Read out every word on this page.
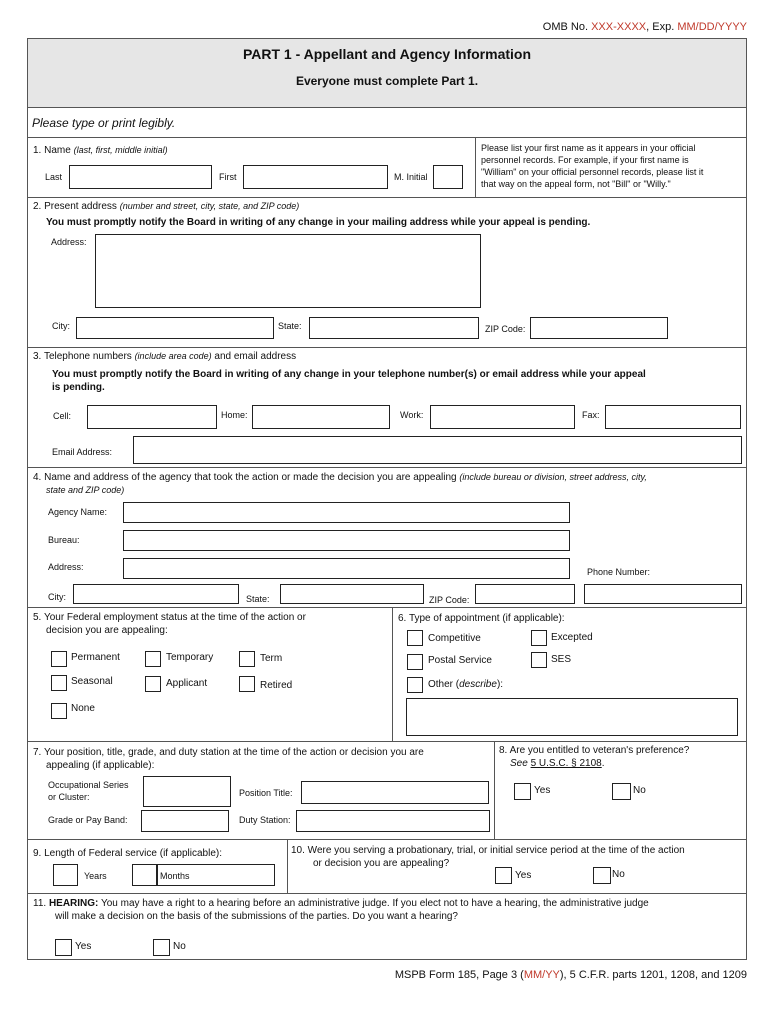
OMB No. XXX-XXXX, Exp. MM/DD/YYYY
PART 1 - Appellant and Agency Information
Everyone must complete Part 1.
Please type or print legibly.
1. Name (last, first, middle initial)
Last	First	M. Initial
Please list your first name as it appears in your official
personnel records. For example, if your first name is
"William" on your official personnel records, please list it
that way on the appeal form, not "Bill" or "Willy."
2. Present address (number and street, city, state, and ZIP code)
You must promptly notify the Board in writing of any change in your mailing address while your appeal is pending.
Address:
City:	State:	ZIP Code:
3. Telephone numbers (include area code) and email address
You must promptly notify the Board in writing of any change in your telephone number(s) or email address while your appeal
is pending.
Cell:	Home:	Work:	Fax:
Email Address:
4. Name and address of the agency that took the action or made the decision you are appealing (include bureau or division, street address, city,
state and ZIP code)
Agency Name:
Bureau:
Address:	Phone Number:
City:	State:	ZIP Code:
5. Your Federal employment status at the time of the action or
decision you are appealing:
Permanent	Temporary	Term
Seasonal	Applicant	Retired
None
6. Type of appointment (if applicable):
Competitive	Excepted
Postal Service	SES
Other (describe):
7. Your position, title, grade, and duty station at the time of the action or decision you are
appealing (if applicable):
Occupational Series
or Cluster:	Position Title:
Grade or Pay Band:	Duty Station:
8. Are you entitled to veteran's preference?
See 5 U.S.C. § 2108.
Yes	No
9. Length of Federal service (if applicable):
Years	Months
10. Were you serving a probationary, trial, or initial service period at the time of the action
or decision you are appealing?
Yes	No
11. HEARING: You may have a right to a hearing before an administrative judge. If you elect not to have a hearing, the administrative judge
will make a decision on the basis of the submissions of the parties. Do you want a hearing?
Yes	No
MSPB Form 185, Page 3 (MM/YY), 5 C.F.R. parts 1201, 1208, and 1209
